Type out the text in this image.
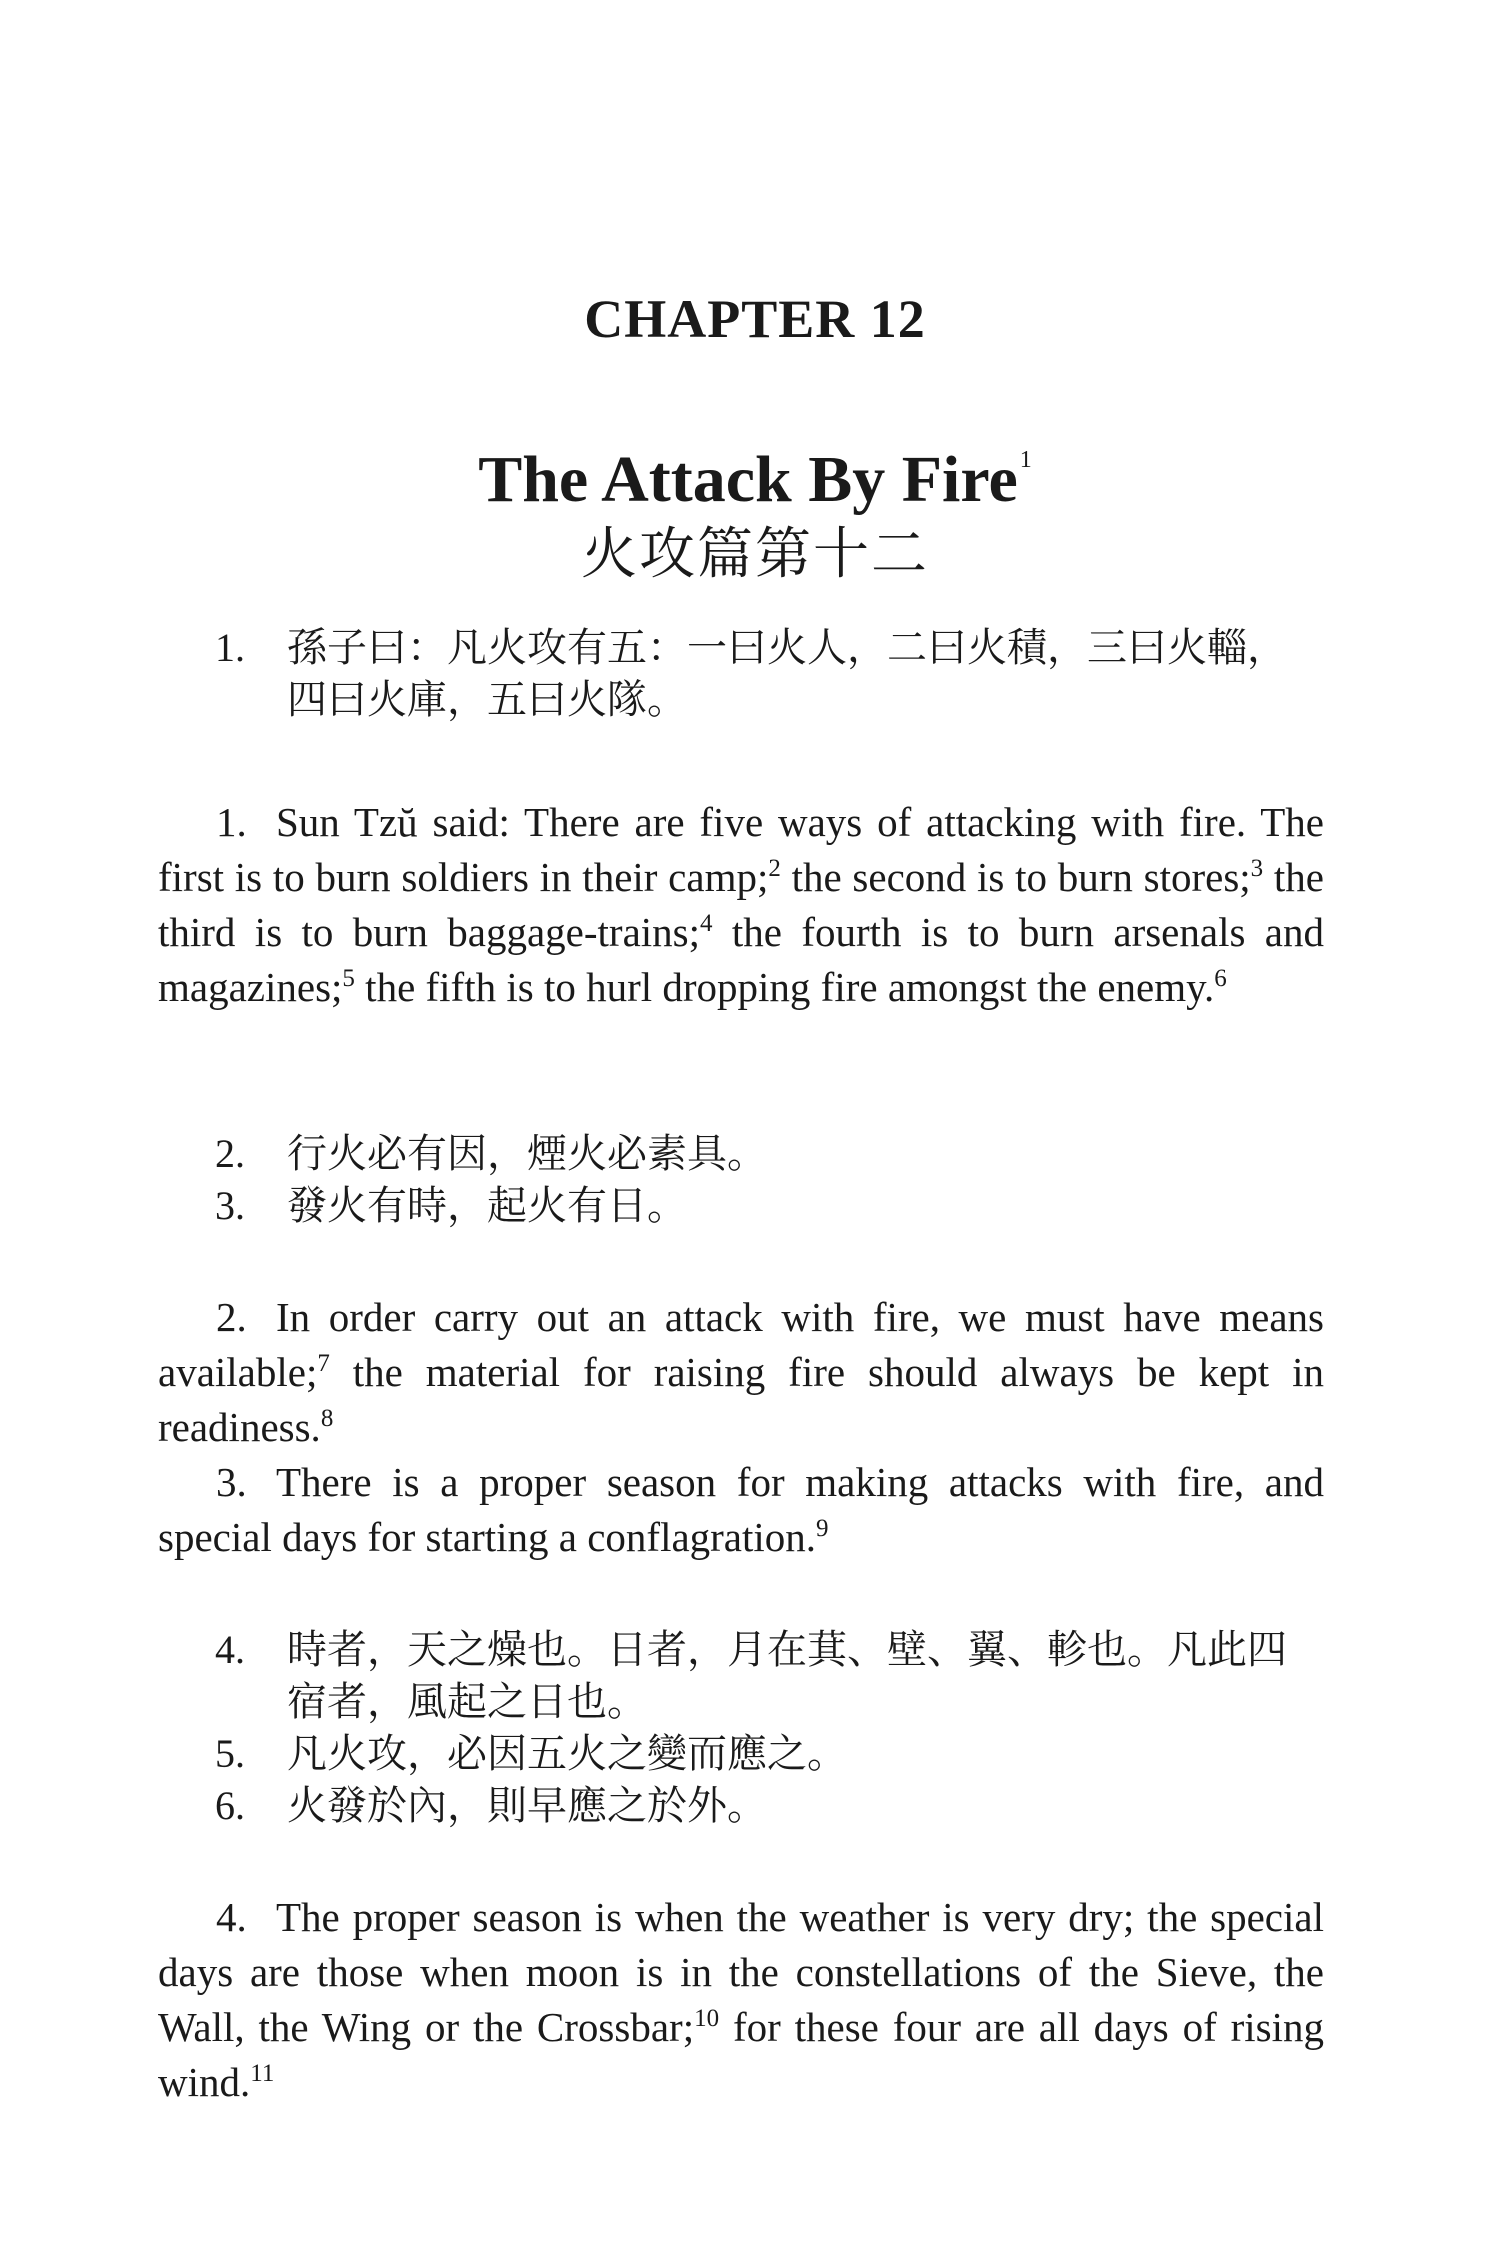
CHAPTER 12
The Attack By Fire$^1$
火攻篇第十二
1.	孫子曰：凡火攻有五：一曰火人，二曰火積，三曰火輜，四曰火庫，五曰火隊。

1. Sun Tzŭ said: There are five ways of attacking with fire. The first is to burn soldiers in their camp;$^2$ the second is to burn stores;$^3$ the third is to burn baggage-trains;$^4$ the fourth is to burn arsenals and magazines;$^5$ the fifth is to hurl dropping fire amongst the enemy.$^6$

2.	行火必有因，煙火必素具。
3.	發火有時，起火有日。

2. In order carry out an attack with fire, we must have means available;$^7$ the material for raising fire should always be kept in readiness.$^8$

3. There is a proper season for making attacks with fire, and special days for starting a conflagration.$^9$

4.	時者，天之燥也。日者，月在萁、壁、翼、軫也。凡此四宿者，風起之日也。
5.	凡火攻，必因五火之變而應之。
6.	火發於內，則早應之於外。

4. The proper season is when the weather is very dry; the special days are those when moon is in the constellations of the Sieve, the Wall, the Wing or the Crossbar;$^{10}$ for these four are all days of rising wind.$^{11}$
